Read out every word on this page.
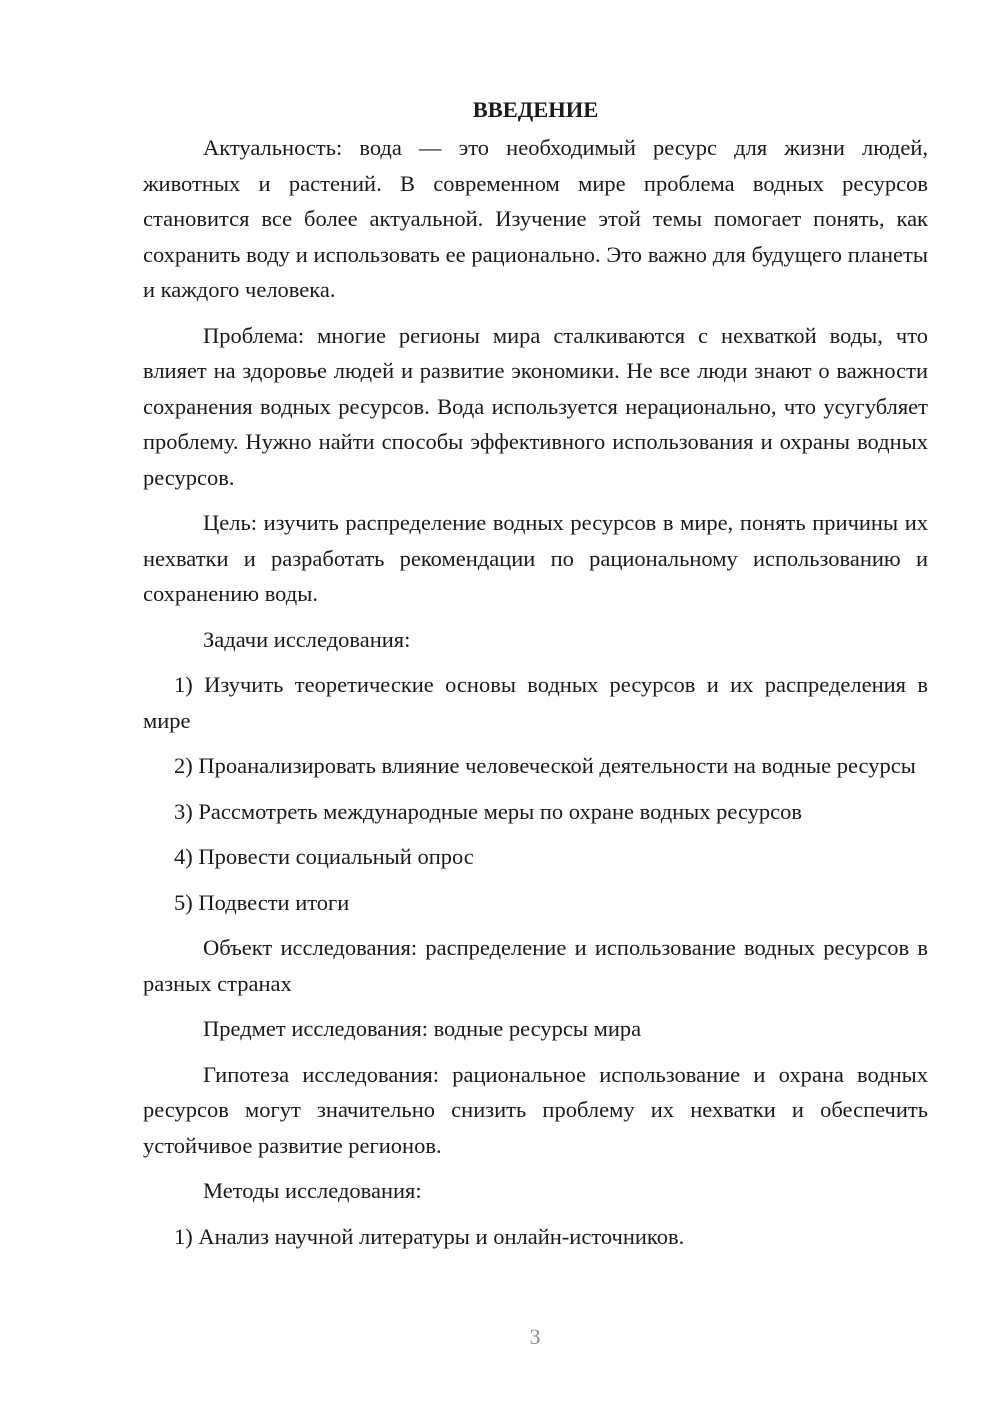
ВВЕДЕНИЕ

Актуальность: вода — это необходимый ресурс для жизни людей, животных и растений. В современном мире проблема водных ресурсов становится все более актуальной. Изучение этой темы помогает понять, как сохранить воду и использовать ее рационально. Это важно для будущего планеты и каждого человека.

Проблема: многие регионы мира сталкиваются с нехваткой воды, что влияет на здоровье людей и развитие экономики. Не все люди знают о важности сохранения водных ресурсов. Вода используется нерационально, что усугубляет проблему. Нужно найти способы эффективного использования и охраны водных ресурсов.

Цель: изучить распределение водных ресурсов в мире, понять причины их нехватки и разработать рекомендации по рациональному использованию и сохранению воды.

Задачи исследования:

1) Изучить теоретические основы водных ресурсов и их распределения в мире

2) Проанализировать влияние человеческой деятельности на водные ресурсы

3) Рассмотреть международные меры по охране водных ресурсов

4) Провести социальный опрос

5) Подвести итоги

Объект исследования: распределение и использование водных ресурсов в разных странах

Предмет исследования: водные ресурсы мира

Гипотеза исследования: рациональное использование и охрана водных ресурсов могут значительно снизить проблему их нехватки и обеспечить устойчивое развитие регионов.

Методы исследования:

1) Анализ научной литературы и онлайн-источников.

3
